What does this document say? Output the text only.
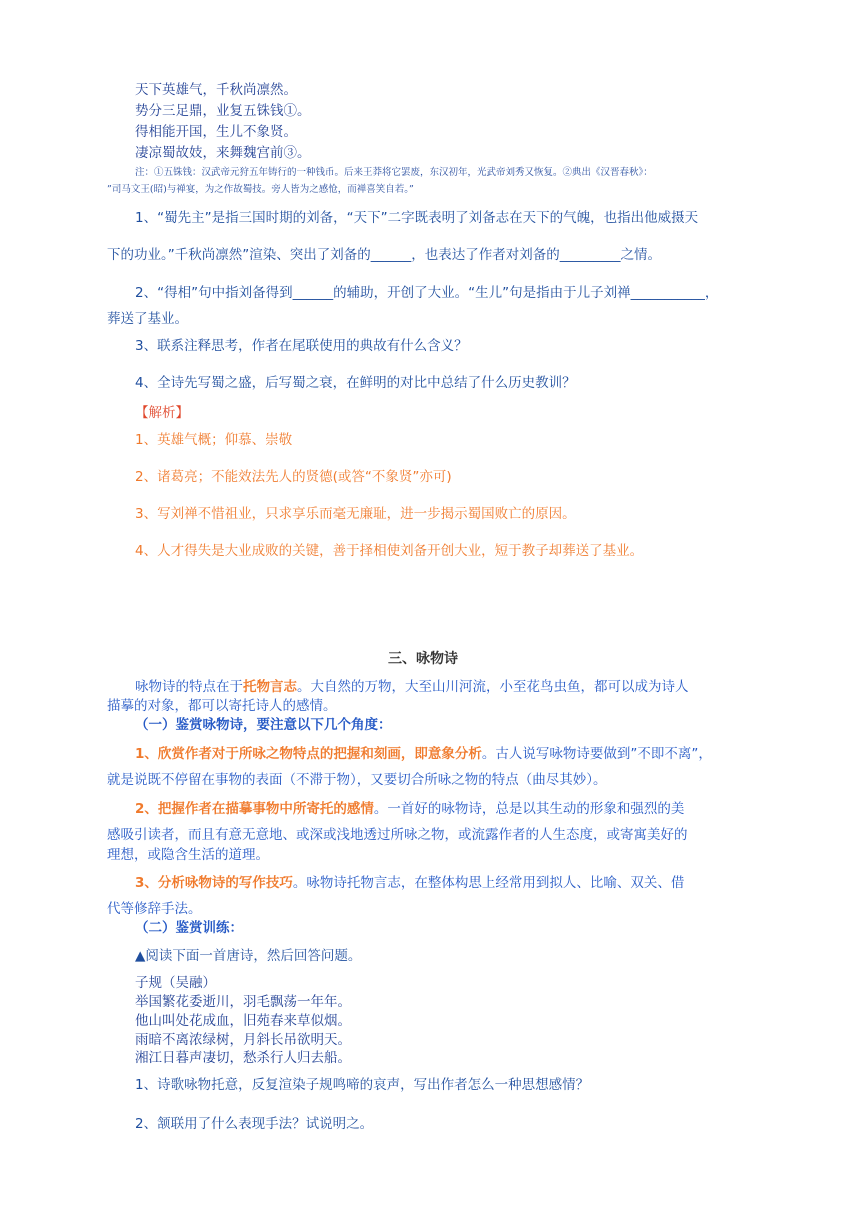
天下英雄气，千秋尚凛然。
势分三足鼎，业复五铢钱①。
得相能开国，生儿不象贤。
凄凉蜀故妓，来舞魏宫前③。
注：①五铢钱：汉武帝元狩五年铸行的一种钱币。后来王莽将它罢废，东汉初年，光武帝刘秀又恢复。②典出《汉晋春秋》：
”司马文王(昭)与禅宴，为之作故蜀技。旁人皆为之感怆，而禅喜笑自若。”
1、“蜀先主”是指三国时期的刘备，“天下”二字既表明了刘备志在天下的气魄，也指出他威摄天
下的功业。”千秋尚凛然”渲染、突出了刘备的______，也表达了作者对刘备的_________之情。
2、“得相”句中指刘备得到______的辅助，开创了大业。“生儿”句是指由于儿子刘禅___________，
葬送了基业。
3、联系注释思考，作者在尾联使用的典故有什么含义？
4、全诗先写蜀之盛，后写蜀之衰，在鲜明的对比中总结了什么历史教训？
【解析】
1、英雄气概；仰慕、崇敬
2、诸葛亮；不能效法先人的贤德(或答“不象贤”亦可)
3、写刘禅不惜祖业，只求享乐而毫无廉耻，进一步揭示蜀国败亡的原因。
4、人才得失是大业成败的关键，善于择相使刘备开创大业，短于教子却葬送了基业。
三、咏物诗
咏物诗的特点在于托物言志。大自然的万物，大至山川河流，小至花鸟虫鱼，都可以成为诗人
描摹的对象，都可以寄托诗人的感情。
（一）鉴赏咏物诗，要注意以下几个角度：
1、欣赏作者对于所咏之物特点的把握和刻画，即意象分析。古人说写咏物诗要做到”不即不离”，
就是说既不停留在事物的表面（不滞于物），又要切合所咏之物的特点（曲尽其妙）。
2、把握作者在描摹事物中所寄托的感情。一首好的咏物诗，总是以其生动的形象和强烈的美
感吸引读者，而且有意无意地、或深或浅地透过所咏之物，或流露作者的人生态度，或寄寓美好的
理想，或隐含生活的道理。
3、分析咏物诗的写作技巧。咏物诗托物言志，在整体构思上经常用到拟人、比喻、双关、借
代等修辞手法。
（二）鉴赏训练：
▲阅读下面一首唐诗，然后回答问题。
子规（吴融）
举国繁花委逝川，羽毛飘荡一年年。
他山叫处花成血，旧苑春来草似烟。
雨暗不离浓绿树，月斜长吊欲明天。
湘江日暮声凄切，愁杀行人归去船。
1、诗歌咏物托意，反复渲染子规鸣啼的哀声，写出作者怎么一种思想感情？
2、颔联用了什么表现手法？试说明之。
